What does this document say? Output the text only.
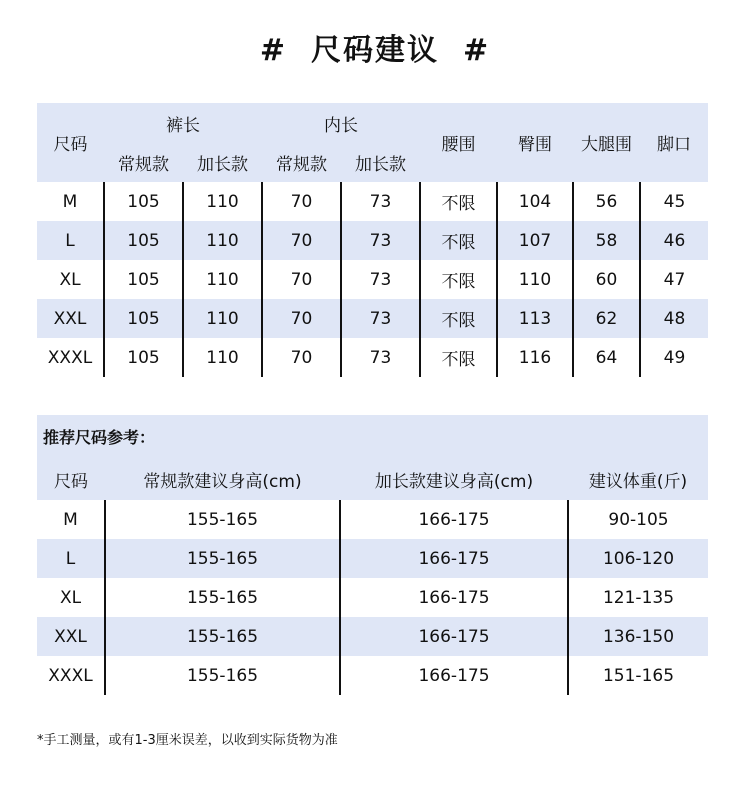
# 尺码建议 #
尺码	裤长		内长		腰围	臀围	大腿围	脚口
	常规款	加长款	常规款	加长款				
M	105	110	70	73	不限	104	56	45
L	105	110	70	73	不限	107	58	46
XL	105	110	70	73	不限	110	60	47
XXL	105	110	70	73	不限	113	62	48
XXXL	105	110	70	73	不限	116	64	49
推荐尺码参考：			
尺码	常规款建议身高(cm)	加长款建议身高(cm)	建议体重(斤)
M	155-165	166-175	90-105
L	155-165	166-175	106-120
XL	155-165	166-175	121-135
XXL	155-165	166-175	136-150
XXXL	155-165	166-175	151-165
*手工测量，或有1-3厘米误差，以收到实际货物为准
